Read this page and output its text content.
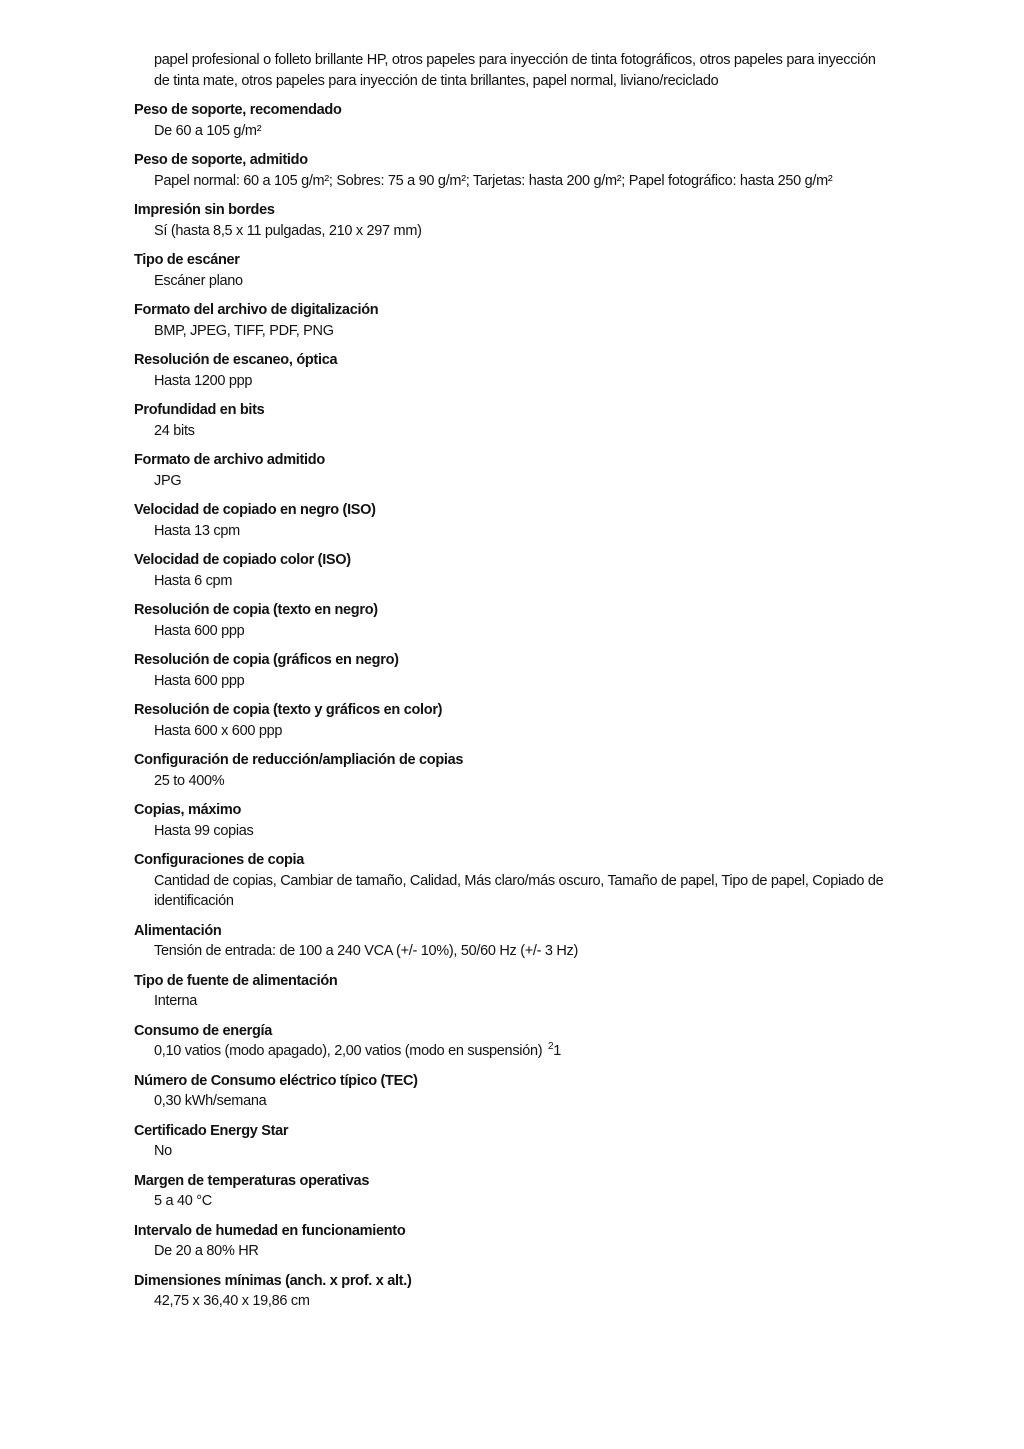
papel profesional o folleto brillante HP, otros papeles para inyección de tinta fotográficos, otros papeles para inyección de tinta mate, otros papeles para inyección de tinta brillantes, papel normal, liviano/reciclado
Peso de soporte, recomendado
De 60 a 105 g/m²
Peso de soporte, admitido
Papel normal: 60 a 105 g/m²; Sobres: 75 a 90 g/m²; Tarjetas: hasta 200 g/m²; Papel fotográfico: hasta 250 g/m²
Impresión sin bordes
Sí (hasta 8,5 x 11 pulgadas, 210 x 297 mm)
Tipo de escáner
Escáner plano
Formato del archivo de digitalización
BMP, JPEG, TIFF, PDF, PNG
Resolución de escaneo, óptica
Hasta 1200 ppp
Profundidad en bits
24 bits
Formato de archivo admitido
JPG
Velocidad de copiado en negro (ISO)
Hasta 13 cpm
Velocidad de copiado color (ISO)
Hasta 6 cpm
Resolución de copia (texto en negro)
Hasta 600 ppp
Resolución de copia (gráficos en negro)
Hasta 600 ppp
Resolución de copia (texto y gráficos en color)
Hasta 600 x 600 ppp
Configuración de reducción/ampliación de copias
25 to 400%
Copias, máximo
Hasta 99 copias
Configuraciones de copia
Cantidad de copias, Cambiar de tamaño, Calidad, Más claro/más oscuro, Tamaño de papel, Tipo de papel, Copiado de identificación
Alimentación
Tensión de entrada: de 100 a 240 VCA (+/- 10%), 50/60 Hz (+/- 3 Hz)
Tipo de fuente de alimentación
Interna
Consumo de energía
0,10 vatios (modo apagado), 2,00 vatios (modo en suspensión) $^2$1
Número de Consumo eléctrico típico (TEC)
0,30 kWh/semana
Certificado Energy Star
No
Margen de temperaturas operativas
5 a 40 °C
Intervalo de humedad en funcionamiento
De 20 a 80% HR
Dimensiones mínimas (anch. x prof. x alt.)
42,75 x 36,40 x 19,86 cm
